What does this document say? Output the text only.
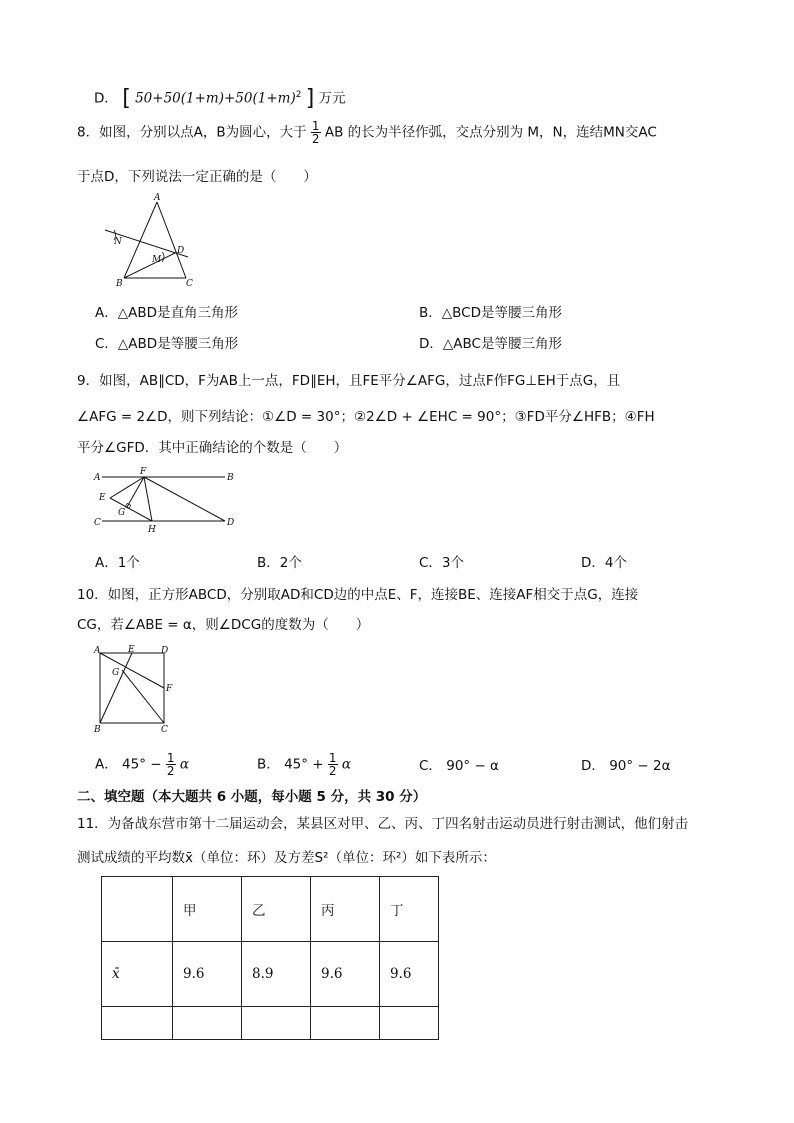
D． [ $50+50(1+m)+50(1+m)^2$ ] 万元
8．如图，分别以点A，B为圆心，大于 $\frac{1}{2}$ AB 的长为半径作弧，交点分别为 M，N，连结MN交AC
于点D，下列说法一定正确的是（　　）
A
B	C
D
M
N
A．△ABD是直角三角形	B．△BCD是等腰三角形
C．△ABD是等腰三角形	D．△ABC是等腰三角形
9．如图，AB∥CD，F为AB上一点，FD∥EH，且FE平分∠AFG，过点F作FG⊥EH于点G，且
∠AFG = 2∠D，则下列结论：①∠D = 30°；②2∠D + ∠EHC = 90°；③FD平分∠HFB；④FH
平分∠GFD．其中正确结论的个数是（　　）
A	B
C	D
E
F
G
H
A．1个	B．2个	C．3个	D．4个
10．如图，正方形ABCD，分别取AD和CD边的中点E、F，连接BE、连接AF相交于点G，连接
CG，若∠ABE = α，则∠DCG的度数为（　　）
A
B	C
D
E
F
G
A． $45^\circ - \frac{1}{2}$ α	B． $45^\circ + \frac{1}{2}$ α	C． 90° − α	D． 90° − 2α
二、填空题（本大题共 6 小题，每小题 5 分，共 30 分）
11．为备战东营市第十二届运动会，某县区对甲、乙、丙、丁四名射击运动员进行射击测试，他们射击
测试成绩的平均数x̄（单位：环）及方差S²（单位：环²）如下表所示：
	甲	乙	丙	丁
x̄	9.6	8.9	9.6	9.6
